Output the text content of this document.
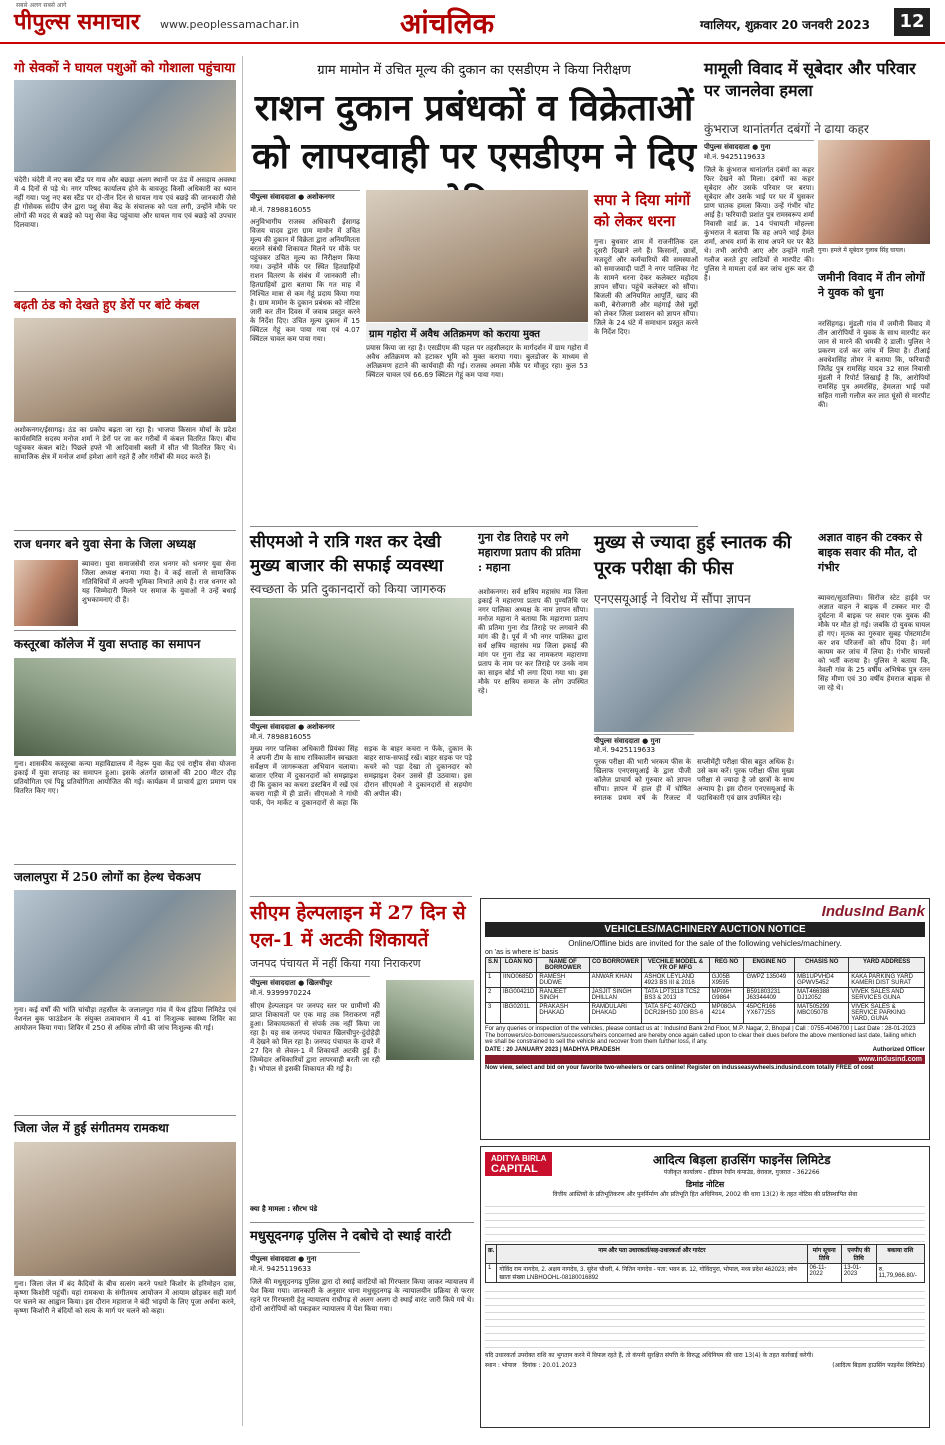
पीपुल्स समाचार
सबसे अलग सबसे आगे
www.peoplessamachar.in	आंचलिक	ग्वालियर, शुक्रवार 20 जनवरी 2023	12
गो सेवकों ने घायल पशुओं को गोशाला पहुंचाया
चंदेरी। चंदेरी में नए बस स्टैंड पर गाय और बछड़ा अलग स्थानों पर ठंड में असहाय अवस्था में 4 दिनों से पड़े थे। नगर परिषद कार्यालय होने के बावजूद किसी अधिकारी का ध्यान नहीं गया। पशु नए बस स्टैंड पर दो-तीन दिन से घायल गाय एवं बछड़े की जानकारी जैसे ही गोसेवक संदीप जैन द्वारा पशु सेवा केंद्र के संचालक को पता लगी, उन्होंने मौके पर लोगों की मदद से बछड़े को पशु सेवा केंद्र पहुंचाया और घायल गाय एवं बछड़े को उपचार दिलवाया।
बढ़ती ठंड को देखते हुए डेरों पर बांटे कंबल
अशोकनगर/ईसागढ़। ठंड का प्रकोप बढ़ता जा रहा है। भाजपा किसान मोर्चा के प्रदेश कार्यसमिति सदस्य मनोज शर्मा ने डेरों पर जा कर गरीबों में कंबल वितरित किए। बीच पहुंचकर कंबल बांटे। पिछले हफ्ते भी आदिवासी बस्ती में सीत भी वितरित किए थे। सामाजिक क्षेत्र में मनोज शर्मा हमेशा आगे रहते हैं और गरीबों की मदद करते हैं।
राज धनगर बने युवा सेना के जिला अध्यक्ष
ब्यावरा। युवा समाजसेवी राज धनगर को धनगर युवा सेना जिला अध्यक्ष बनाया गया है। वे कई सालों से सामाजिक गतिविधियों में अपनी भूमिका निभाते आये है। राज धनगर को यह जिम्मेदारी मिलने पर समाज के युवाओं ने उन्हें बधाई शुभकामनाएं दी हैं।
कस्तूरबा कॉलेज में युवा सप्ताह का समापन
गुना। शासकीय कस्तूरबा कन्या महाविद्यालय में नेहरू युवा केंद्र एवं राष्ट्रीय सेवा योजना इकाई में युवा सप्ताह का समापन हुआ। इसके अंतर्गत छात्राओं की 200 मीटर दौड़ प्रतियोगिता एवं पिट्ठू प्रतियोगिता आयोजित की गई। कार्यक्रम में प्राचार्य द्वारा प्रमाण पत्र वितरित किए गए।
जलालपुरा में 250 लोगों का हेल्थ चेकअप
गुना। कई वर्षों की भांति चांचौड़ा तहसील के जलालपुरा गांव में फेथ इंडिया लिमिटेड एवं नेशनल बुक फाउंडेशन के संयुक्त तत्वावधान में 41 वां निःशुल्क स्वास्थ्य शिविर का आयोजन किया गया। शिविर में 250 से अधिक लोगों की जांच निःशुल्क की गई।
जिला जेल में हुई संगीतमय रामकथा
गुना। जिला जेल में बंद कैदियों के बीच सत्संग करने पधारे किशोर के हरिमोहन दास, कृष्णा किशोरी पहुंचीं। यहां रामकथा के संगीतमय आयोजन में आयाम छोड़कर सही मार्ग पर चलने का आह्वान किया। इस दौरान महाराज ने बंदी भाइयों के लिए पूजा अर्चना करने, कृष्णा किशोरी ने बंदियों को सत्य के मार्ग पर चलने को कहा।
ग्राम मामोन में उचित मूल्य की दुकान का एसडीएम ने किया निरीक्षण
राशन दुकान प्रबंधकों व विक्रेताओं को लापरवाही पर एसडीएम ने दिए
पीपुल्स संवाददाता ● अशोकनगर
मो.नं. 7898816055
अनुविभागीय राजस्व अधिकारी ईसागढ़ विजय यादव द्वारा ग्राम मामोन में उचित मूल्य की दुकान में विक्रेता द्वारा अनियमितता बरतने संबंधी शिकायत मिलने पर मौके पर पहुंचकर उचित मूल्य का निरीक्षण किया गया। उन्होंने मौके पर स्थित हितग्राहियों राशन वितरण के संबंध में जानकारी ली। हितग्राहियों द्वारा बताया कि गत माह में निश्चित मात्रा से कम गेहूं प्रदाय किया गया है। ग्राम मामोन के दुकान प्रबंधक को नोटिस जारी कर तीन दिवस में जवाब प्रस्तुत करने के निर्देश दिए। उचित मूल्य दुकान में 15 क्विंटल गेहूं कम पाया गया एवं 4.07 क्विंटल चावल कम पाया गया।	ग्राम गहोरा में अवैध अतिक्रमण को कराया मुक्त
प्रयास किया जा रहा है। एसडीएम की पहल पर तहसीलदार के मार्गदर्शन में ग्राम गहोरा में अवैध अतिक्रमण को हटाकर भूमि को मुक्त कराया गया। बुलडोजर के माध्यम से अतिक्रमण हटाने की कार्यवाही की गई। राजस्व अमला मौके पर मौजूद रहा। कुल 53 क्विंटल चावल एवं 66.69 क्विंटल गेहूं कम पाया गया।
सपा ने दिया मांगों को लेकर धरना
गुना। बुधवार शाम में राजनीतिक दल दूसरी दिखाने लगे हैं। किसानों, छात्रों, मजदूरों और कर्मचारियों की समस्याओं को समाजवादी पार्टी ने नगर पालिका गेट के सामने धरना देकर कलेक्टर महोदय ज्ञापन सौंपा। पहुंचे कलेक्टर को सौंपा। बिजली की अनियमित आपूर्ति, खाद की कमी, बेरोजगारी और महंगाई जैसे मुद्दों को लेकर जिला प्रशासन को ज्ञापन सौंपा। जिले के 24 घंटे में समाधान प्रस्तुत करने के निर्देश दिए।
सीएमओ ने रात्रि गश्त कर देखी मुख्य बाजार की सफाई व्यवस्था
स्वच्छता के प्रति दुकानदारों को किया जागरुक
पीपुल्स संवाददाता ● अशोकनगर
मो.नं. 7898816055
मुख्य नगर पालिका अधिकारी प्रियंका सिंह ने अपनी टीम के साथ रात्रिकालीन स्वच्छता सर्वेक्षण में जागरूकता अभियान चलाया। बाजार एरिया में दुकानदारों को समझाइश दी कि दुकान का कचरा डस्टबिन में रखें एवं कचरा गाड़ी में ही डालें। सीएमओ ने गांधी पार्क, पेन मार्केट व दुकानदारों से कहा कि सड़क के बाहर कचरा न फेंके, दुकान के बाहर साफ-सफाई रखें। बाहर सड़क पर पड़े कचरे को पड़ा देखा तो दुकानदार को समझाइश देकर उससे ही उठवाया। इस दौरान सीएमओ ने दुकानदारों से सहयोग की अपील की।
गुना रोड तिराहे पर लगे महाराणा प्रताप की प्रतिमा : महाना
अशोकनगर। सर्व क्षत्रिय महासंघ मप्र जिला इकाई ने महाराणा प्रताप की पुण्यतिथि पर नगर पालिका अध्यक्ष के नाम ज्ञापन सौंपा। मनोज महाना ने बताया कि महाराणा प्रताप की प्रतिमा गुना रोड तिराहे पर लगवाने की मांग की है। पूर्व में भी नगर पालिका द्वारा सर्व क्षत्रिय महासंघ मप्र जिला इकाई की मांग पर गुना रोड का नामकरण महाराणा प्रताप के नाम पर कर तिराहे पर उनके नाम का साइन बोर्ड भी लगा दिया गया था। इस मौके पर क्षत्रिय समाज के लोग उपस्थित रहे।
मुख्य से ज्यादा हुई स्नातक की पूरक परीक्षा की फीस
एनएसयूआई ने विरोध में सौंपा ज्ञापन
पीपुल्स संवाददाता ● गुना
मो.नं. 9425119633
पूरक परीक्षा की भारी भरकम फीस के खिलाफ एनएसयूआई के द्वारा पीजी कॉलेज प्राचार्य को गुरुवार को ज्ञापन सौंपा। ज्ञापन में हाल ही में घोषित स्नातक प्रथम वर्ष के रिजल्ट में सप्लीमेंट्री परीक्षा फीस बहुत अधिक है। उसे कम करें। पूरक परीक्षा फीस मुख्य परीक्षा से ज्यादा है जो छात्रों के साथ अन्याय है। इस दौरान एनएसयूआई के पदाधिकारी एवं छात्र उपस्थित रहे।
सीएम हेल्पलाइन में 27 दिन से एल-1 में अटकी शिकायतें
जनपद पंचायत में नहीं किया गया निराकरण
पीपुल्स संवाददाता ● खिलचीपुर
मो.नं. 9399970224
सीएम हेल्पलाइन पर जनपद स्तर पर ग्रामीणों की प्राप्त शिकायतों पर एक माह तक निराकरण नहीं हुआ। शिकायतकर्ता से संपर्क तक नहीं किया जा रहा है। यह सब जनपद पंचायत खिलचीपुर-दुंदोहेड़ी में देखने को मिल रहा है। जनपद पंचायत के दायरे में 27 दिन से लेवल-1 में शिकायतें अटकी हुई हैं। जिम्मेदार अधिकारियों द्वारा लापरवाही बरती जा रही है। भोपाल से इसकी शिकायत की गई है।
क्या है मामला : सौरभ पंडे
मधुसूदनगढ़ पुलिस ने दबोचे दो स्थाई वारंटी
पीपुल्स संवाददाता ● गुना
मो.नं. 9425119633
जिले की मधुसूदनगढ़ पुलिस द्वारा दो स्थाई वारंटियों को गिरफ्तार किया जाकर न्यायालय में पेश किया गया। जानकारी के अनुसार थाना मधुसूदनगढ़ के न्यायालयीन प्रक्रिया से फरार रहने पर गिरफ्तारी हेतु न्यायालय राघौगढ़ से अलग अलग दो स्थाई वारंट जारी किये गये थे। दोनों आरोपियों को पकड़कर न्यायालय में पेश किया गया।
मामूली विवाद में सूबेदार और परिवार पर जानलेवा हमला
कुंभराज थानांतर्गत दबंगों ने ढाया कहर
पीपुल्स संवाददाता ● गुना
मो.नं. 9425119633
गुना। हमले में सूबेदार गुलाब सिंह घायल।
जिले के कुंभराज थानांतर्गत दबंगों का कहर फिर देखने को मिला। दबंगों का कहर सूबेदार और उसके परिवार पर बरपा। सूबेदार और उसके भाई पर घर में घुसकर प्राण घातक हमला किया। उन्हें गंभीर चोट आई है। फरियादी प्रशांत पुत्र रामस्वरूप शर्मा निवासी वार्ड क्र. 14 पंचायती मोहल्ला कुंभराज ने बताया कि वह अपने भाई हेमंत शर्मा, अभय शर्मा के साथ अपने घर पर बैठे थे। तभी आरोपी आए और उन्होंने गाली गलौज करते हुए लाठियों से मारपीट की। पुलिस ने मामला दर्ज कर जांच शुरू कर दी है।	जमीनी विवाद में तीन लोगों ने युवक को धुना
नरसिंहगढ़। मुंडली गांव में जमीनी विवाद में तीन आरोपियों ने युवक के साथ मारपीट कर जान से मारने की धमकी दे डाली। पुलिस ने प्रकरण दर्ज कर जांच में लिया है। टीआई अवधेशसिंह तोमर ने बताया कि, फरियादी जितेंद्र पुत्र रामसिंह यादव 32 साल निवासी मुंडली ने रिपोर्ट लिखाई है कि, आरोपियों रामसिंह पुत्र अमरसिंह, हेमलता भाई पवों सहित गाली गलौज कर लात घूंसों से मारपीट की।
अज्ञात वाहन की टक्कर से बाइक सवार की मौत, दो गंभीर
ब्यावरा/सुठालिया। सिरोंज स्टेट हाईवे पर अज्ञात वाहन ने बाइक में टक्कर मार दी दुर्घटना में बाइक पर सवार एक युवक की मौके पर मौत हो गई। जबकि दो युवक घायल हो गए। मृतक का गुरुवार सुबह पोस्टमार्टम कर शव परिजनों को सौंप दिया है। मर्ग कायम कर जांच में लिया है। गंभीर घायलों को भर्ती कराया है। पुलिस ने बताया कि, नेवली गांव के 25 वर्षीय अभिषेक पुत्र रतन सिंह मीणा एवं 30 वर्षीय हेमराज बाइक से जा रहे थे।
IndusInd Bank
VEHICLES/MACHINERY AUCTION NOTICE
Online/Offline bids are invited for the sale of the following vehicles/machinery.
on 'as is where is' basis
S.N	LOAN NO	NAME OF BORROWER	CO BORROWER	VECHILE MODEL & YR OF MFG	REG NO	ENGINE NO	CHASIS NO	YARD ADDRESS
1	IINO0685D	RAMESH DUDWE	ANWAR KHAN	ASHOK LEYLAND 4923 BS III & 2016	GJ05B X9595	GWPZ 135049	MB1UPVHD4 GPWV5452	KAKA PARKING YARD KAMERI DIST SURAT
2	IBG00421D	RANJEET SINGH	JASJIT SINGH DHILLAN	TATA LPT3118 TC52 BS3 & 2013	MP09H G9864	B591803231 J63344409	MAT466388 DJ12052	VIVEK SALES AND SERVICES GUNA
3	IBG0201L	PRAKASH DHAKAD	RAMDULARI DHAKAD	TATA SFC 407GKD DCR28HSD 100 BS-6	MP08GA 4214	45PCR166 YX67725S	MAT505299 MBC0507B	VIVEK SALES & SERVICE PARKING YARD, GUNA
For any queries or inspection of the vehicles, please contact us at : IndusInd Bank 2nd Floor, M.P. Nagar, 2, Bhopal | Call : 0755-4046700 | Last Date : 28-01-2023
The borrowers/co-borrowers/successors/heirs concerned are hereby once again called upon to clear their dues before the above mentioned last date, failing which we shall be constrained to sell the vehicle and recover from them further loss, if any.
DATE : 20 JANUARY 2023 | MADHYA PRADESH	Authorized Officer
www.indusind.com
Now view, select and bid on your favorite two-wheelers or cars online! Register on indusseasywheels.indusind.com totally FREE of cost
ADITYA BIRLA
CAPITAL
आदित्य बिड़ला हाउसिंग फाइनेंस लिमिटेड
पंजीकृत कार्यालय - इंडियन रेयॉन कंपाउंड, वेरावल, गुजरात - 362266
डिमांड नोटिस
वित्तीय आस्तियों के प्रतिभूतिकरण और पुनर्निर्माण और प्रतिभूति हित अधिनियम, 2002 की धारा 13(2) के तहत नोटिस की प्रतिस्थापित सेवा
क्र.	नाम और पता उधारकर्ता/सह-उधारकर्ता और गारंटर	मांग सूचना तिथि	एनपीए की तिथि	बकाया राशि
1	गोविंद राम नागदेव, 2. अक्षय नागदेव, 3. सुरेश चौधरी, 4. नितिन नागदेव - पता: भवन क्र. 12, गोविंदपुरा, भोपाल, मध्य प्रदेश 462023; लोन खाता संख्या LNBHOOHL-08180016892	06-11-2022	13-01-2023	रु. 11,79,966.80/-
यदि उधारकर्ता उपरोक्त राशि का भुगतान करने में विफल रहते हैं, तो कंपनी सुरक्षित संपत्ति के विरुद्ध अधिनियम की धारा 13(4) के तहत कार्रवाई करेगी।
स्थान : भोपाल दिनांक : 20.01.2023	(आदित्य बिड़ला हाउसिंग फाइनेंस लिमिटेड)
